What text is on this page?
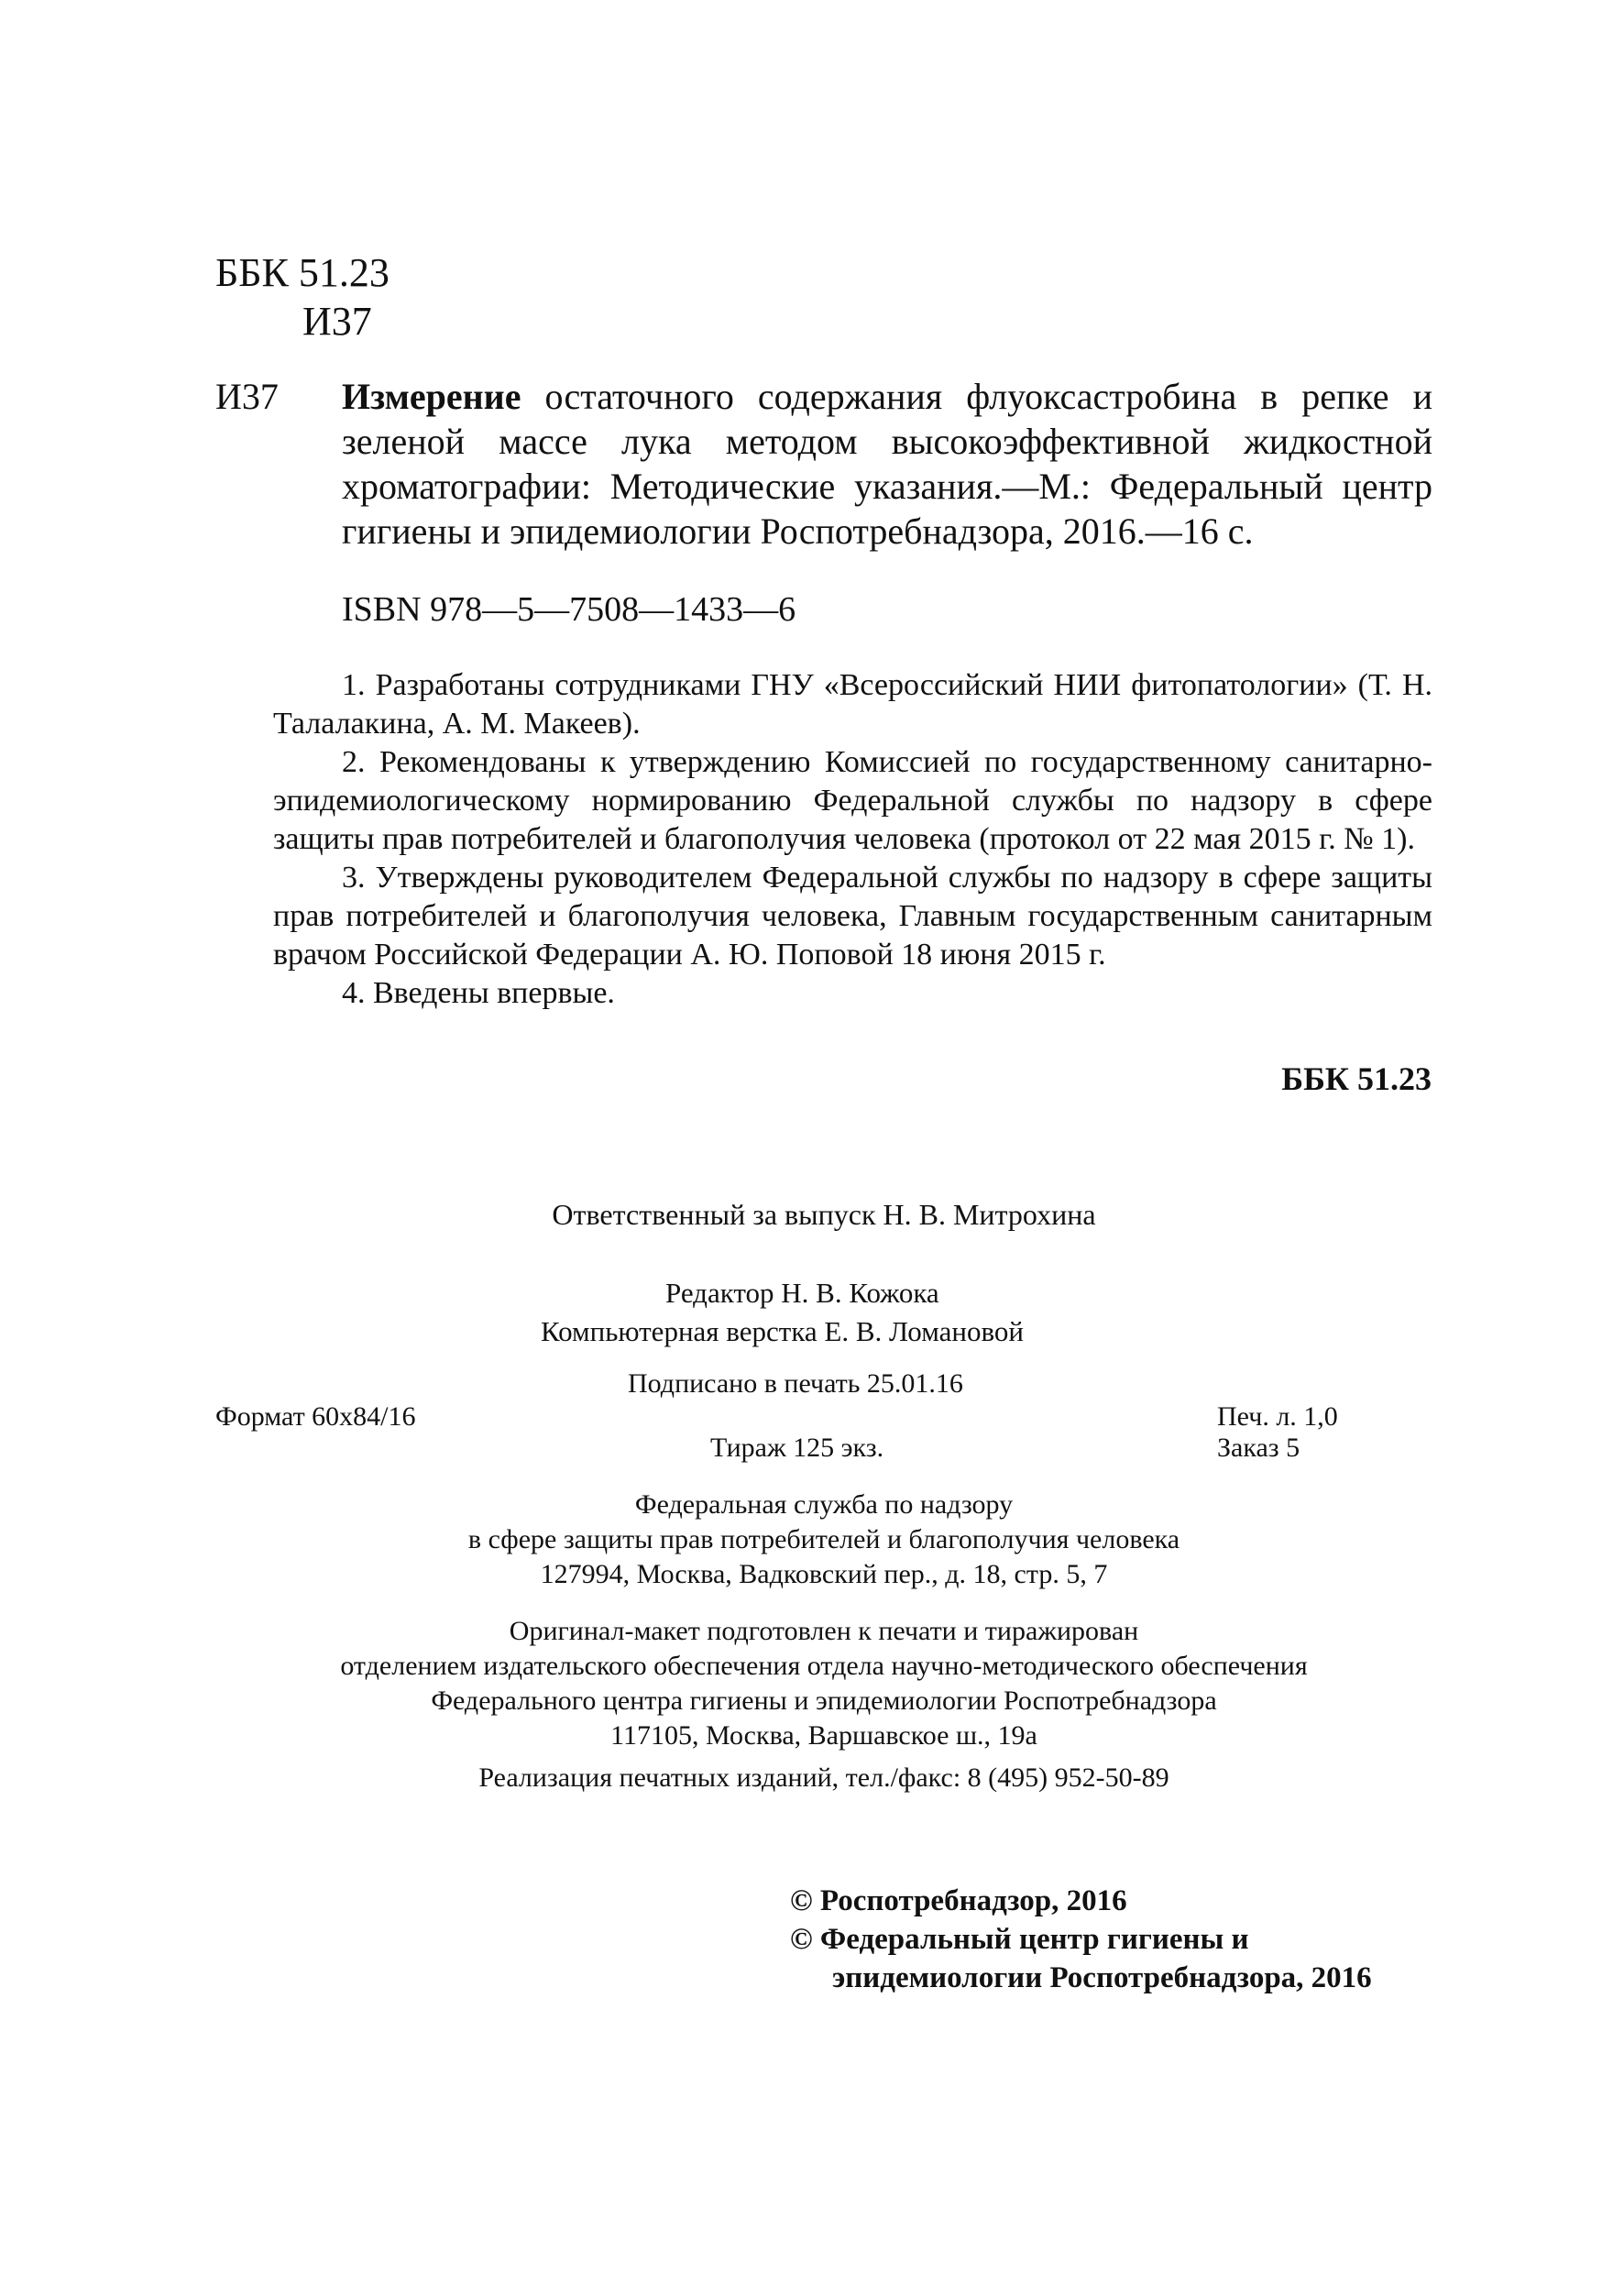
ББК 51.23
И37
И37 Измерение остаточного содержания флуоксастробина в репке и зеленой массе лука методом высокоэффективной жидкостной хроматографии: Методические указания.—М.: Федеральный центр гигиены и эпидемиологии Роспотребнадзора, 2016.—16 с.
ISBN 978—5—7508—1433—6

1. Разработаны сотрудниками ГНУ «Всероссийский НИИ фитопатологии» (Т. Н. Талалакина, А. М. Макеев).

2. Рекомендованы к утверждению Комиссией по государственному санитарно-эпидемиологическому нормированию Федеральной службы по надзору в сфере защиты прав потребителей и благополучия человека (протокол от 22 мая 2015 г. № 1).

3. Утверждены руководителем Федеральной службы по надзору в сфере защиты прав потребителей и благополучия человека, Главным государственным санитарным врачом Российской Федерации А. Ю. Поповой 18 июня 2015 г.

4. Введены впервые.

ББК 51.23
Ответственный за выпуск Н. В. Митрохина
Редактор Н. В. Кожока
Компьютерная верстка Е. В. Ломановой
Подписано в печать 25.01.16
Формат 60x84/16	Печ. л. 1,0
Тираж 125 экз.	Заказ 5
Федеральная служба по надзору
в сфере защиты прав потребителей и благополучия человека
127994, Москва, Вадковский пер., д. 18, стр. 5, 7
Оригинал-макет подготовлен к печати и тиражирован
отделением издательского обеспечения отдела научно-методического обеспечения
Федерального центра гигиены и эпидемиологии Роспотребнадзора
117105, Москва, Варшавское ш., 19а
Реализация печатных изданий, тел./факс: 8 (495) 952-50-89
© Роспотребнадзор, 2016
© Федеральный центр гигиены и
эпидемиологии Роспотребнадзора, 2016
